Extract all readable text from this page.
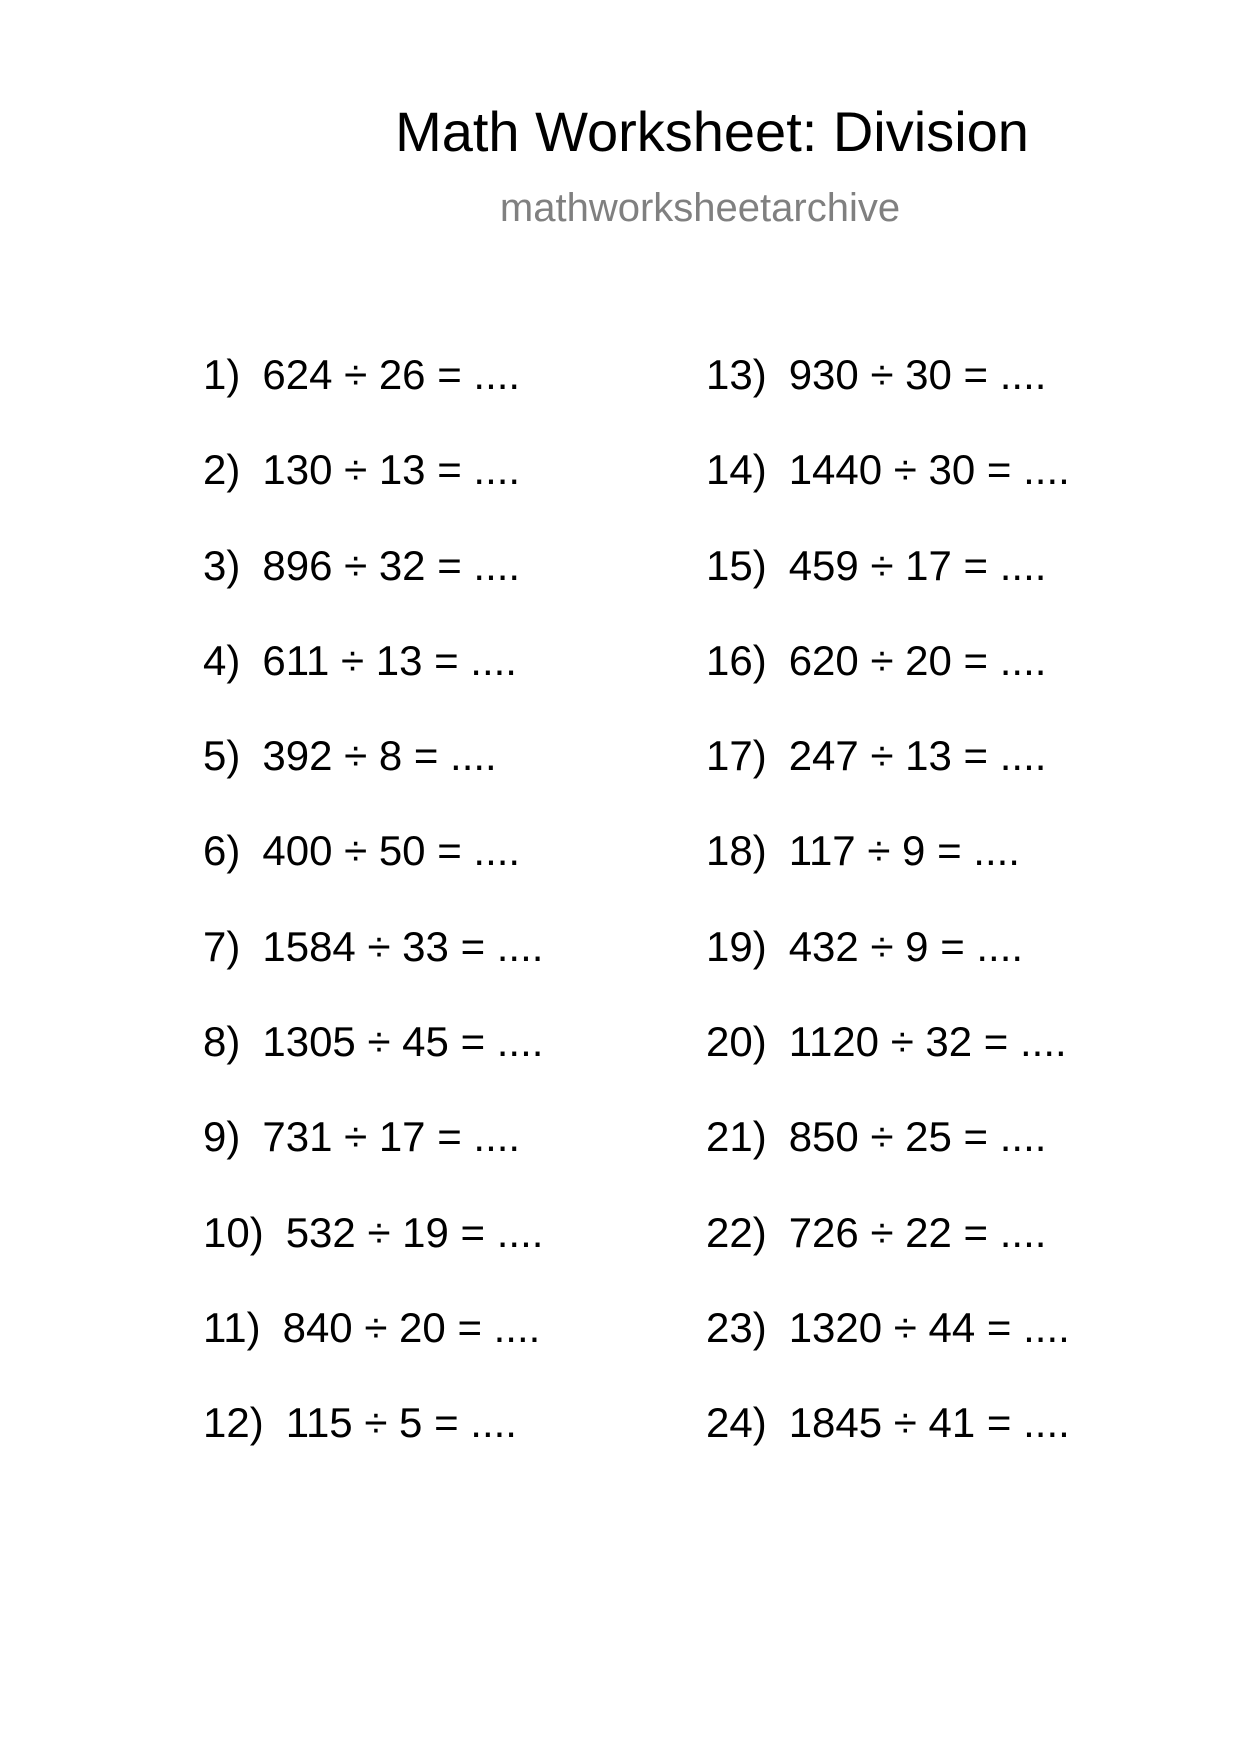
Math Worksheet: Division
mathworksheetarchive
1) 624 ÷ 26 = ....
2) 130 ÷ 13 = ....
3) 896 ÷ 32 = ....
4) 611 ÷ 13 = ....
5) 392 ÷ 8 = ....
6) 400 ÷ 50 = ....
7) 1584 ÷ 33 = ....
8) 1305 ÷ 45 = ....
9) 731 ÷ 17 = ....
10) 532 ÷ 19 = ....
11) 840 ÷ 20 = ....
12) 115 ÷ 5 = ....
13) 930 ÷ 30 = ....
14) 1440 ÷ 30 = ....
15) 459 ÷ 17 = ....
16) 620 ÷ 20 = ....
17) 247 ÷ 13 = ....
18) 117 ÷ 9 = ....
19) 432 ÷ 9 = ....
20) 1120 ÷ 32 = ....
21) 850 ÷ 25 = ....
22) 726 ÷ 22 = ....
23) 1320 ÷ 44 = ....
24) 1845 ÷ 41 = ....
